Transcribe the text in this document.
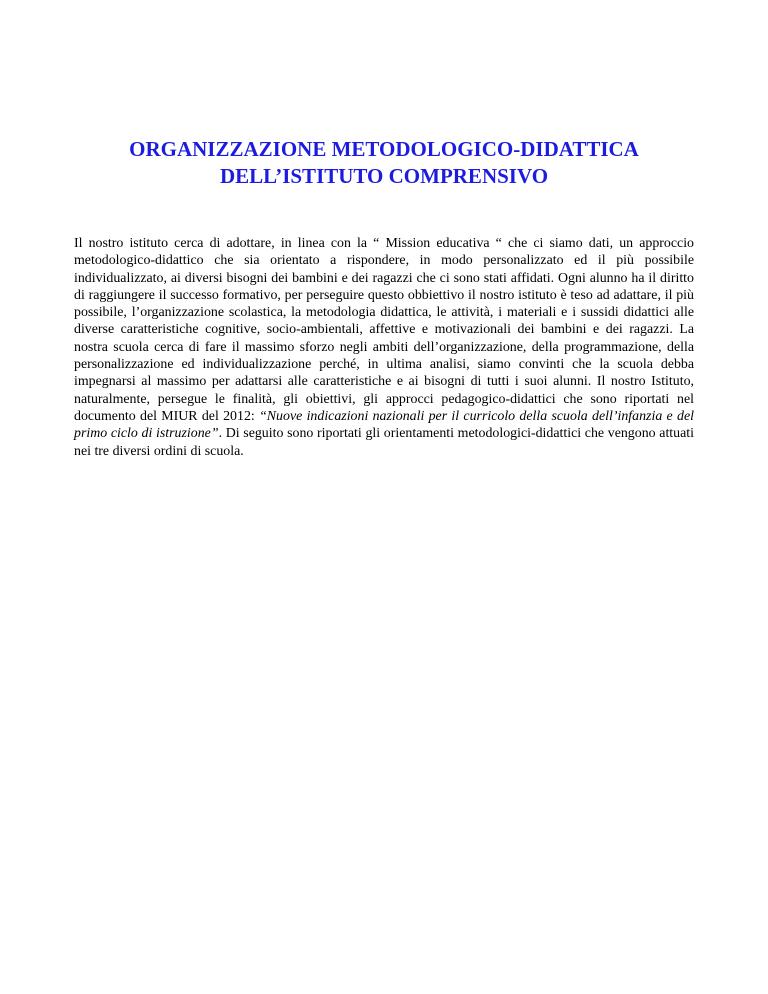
ORGANIZZAZIONE METODOLOGICO-DIDATTICA
DELL’ISTITUTO COMPRENSIVO

Il nostro istituto cerca di adottare, in linea con la “ Mission educativa “ che ci siamo dati, un approccio metodologico-didattico che sia orientato a rispondere, in modo personalizzato ed il più possibile individualizzato, ai diversi bisogni dei bambini e dei ragazzi che ci sono stati affidati. Ogni alunno ha il diritto di raggiungere il successo formativo, per perseguire questo obbiettivo il nostro istituto è teso ad adattare, il più possibile, l’organizzazione scolastica, la metodologia didattica, le attività, i materiali e i sussidi didattici alle diverse caratteristiche cognitive, socio-ambientali, affettive e motivazionali dei bambini e dei ragazzi. La nostra scuola cerca di fare il massimo sforzo negli ambiti dell’organizzazione, della programmazione, della personalizzazione ed individualizzazione perché, in ultima analisi, siamo convinti che la scuola debba impegnarsi al massimo per adattarsi alle caratteristiche e ai bisogni di tutti i suoi alunni. Il nostro Istituto, naturalmente, persegue le finalità, gli obiettivi, gli approcci pedagogico-didattici che sono riportati nel documento del MIUR del 2012: “Nuove indicazioni nazionali per il curricolo della scuola dell’infanzia e del primo ciclo di istruzione”. Di seguito sono riportati gli orientamenti metodologici-didattici che vengono attuati nei tre diversi ordini di scuola.
